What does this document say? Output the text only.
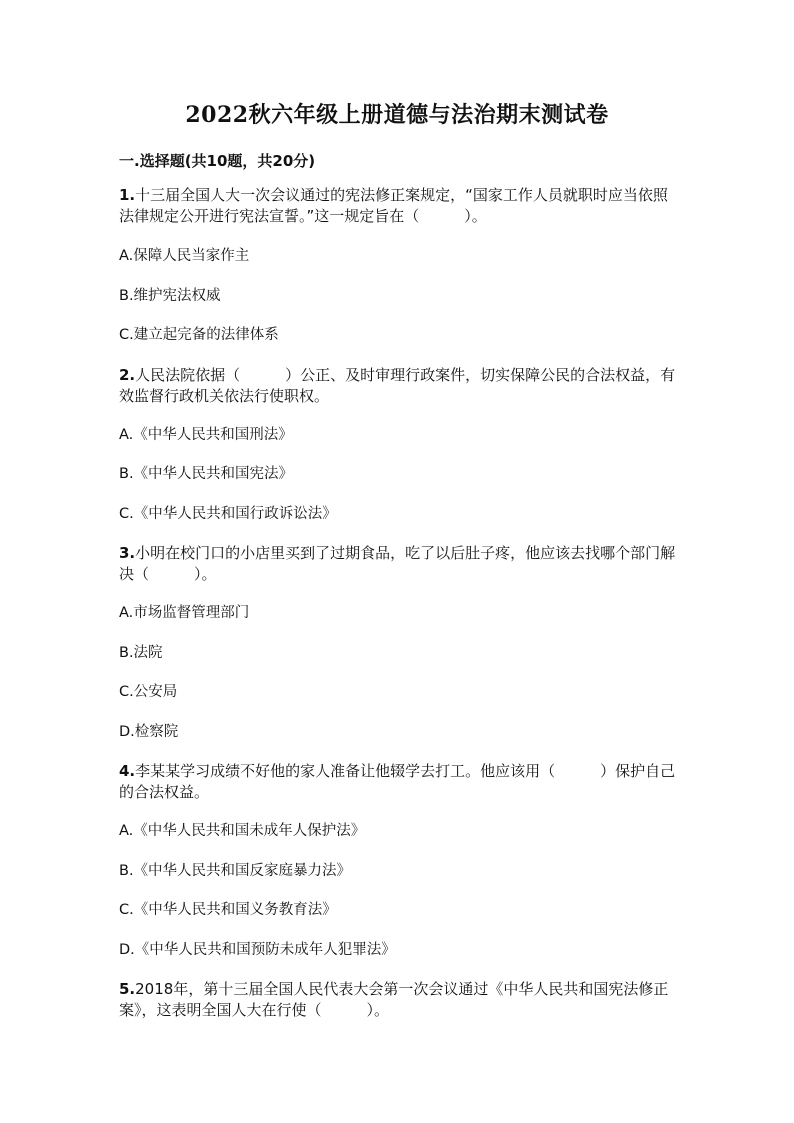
2022秋六年级上册道德与法治期末测试卷
一.选择题(共10题，共20分)
1.十三届全国人大一次会议通过的宪法修正案规定，“国家工作人员就职时应当依照法律规定公开进行宪法宣誓。”这一规定旨在（　　　）。
A.保障人民当家作主
B.维护宪法权威
C.建立起完备的法律体系
2.人民法院依据（　　　）公正、及时审理行政案件，切实保障公民的合法权益，有效监督行政机关依法行使职权。
A.《中华人民共和国刑法》
B.《中华人民共和国宪法》
C.《中华人民共和国行政诉讼法》
3.小明在校门口的小店里买到了过期食品，吃了以后肚子疼，他应该去找哪个部门解决（　　　）。
A.市场监督管理部门
B.法院
C.公安局
D.检察院
4.李某某学习成绩不好他的家人准备让他辍学去打工。他应该用（　　　）保护自己的合法权益。
A.《中华人民共和国未成年人保护法》
B.《中华人民共和国反家庭暴力法》
C.《中华人民共和国义务教育法》
D.《中华人民共和国预防未成年人犯罪法》
5.2018年，第十三届全国人民代表大会第一次会议通过《中华人民共和国宪法修正案》，这表明全国人大在行使（　　　）。
